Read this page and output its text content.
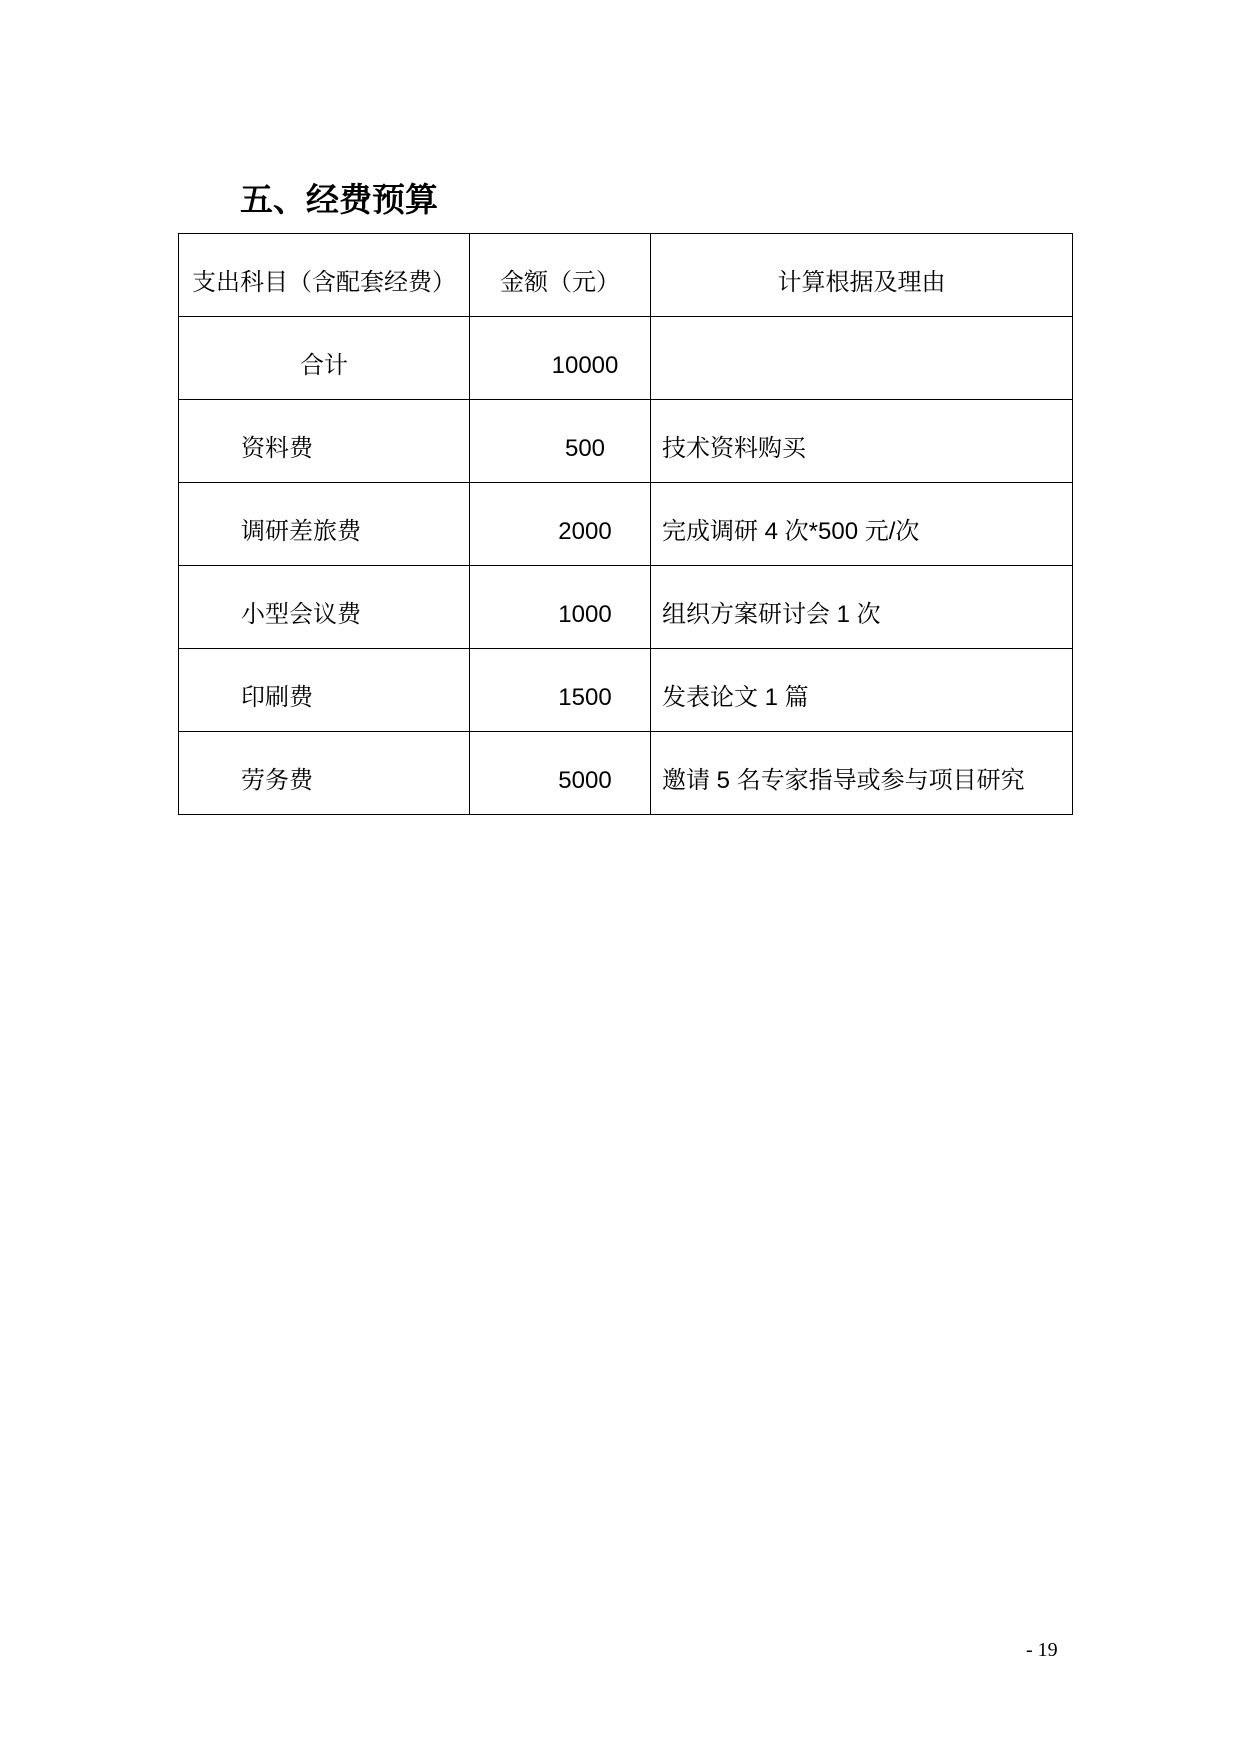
五、经费预算
支出科目（含配套经费）	金额（元）	计算根据及理由
合计	10000	
资料费	500	技术资料购买
调研差旅费	2000	完成调研 4 次*500 元/次
小型会议费	1000	组织方案研讨会 1 次
印刷费	1500	发表论文 1 篇
劳务费	5000	邀请 5 名专家指导或参与项目研究
- 19
